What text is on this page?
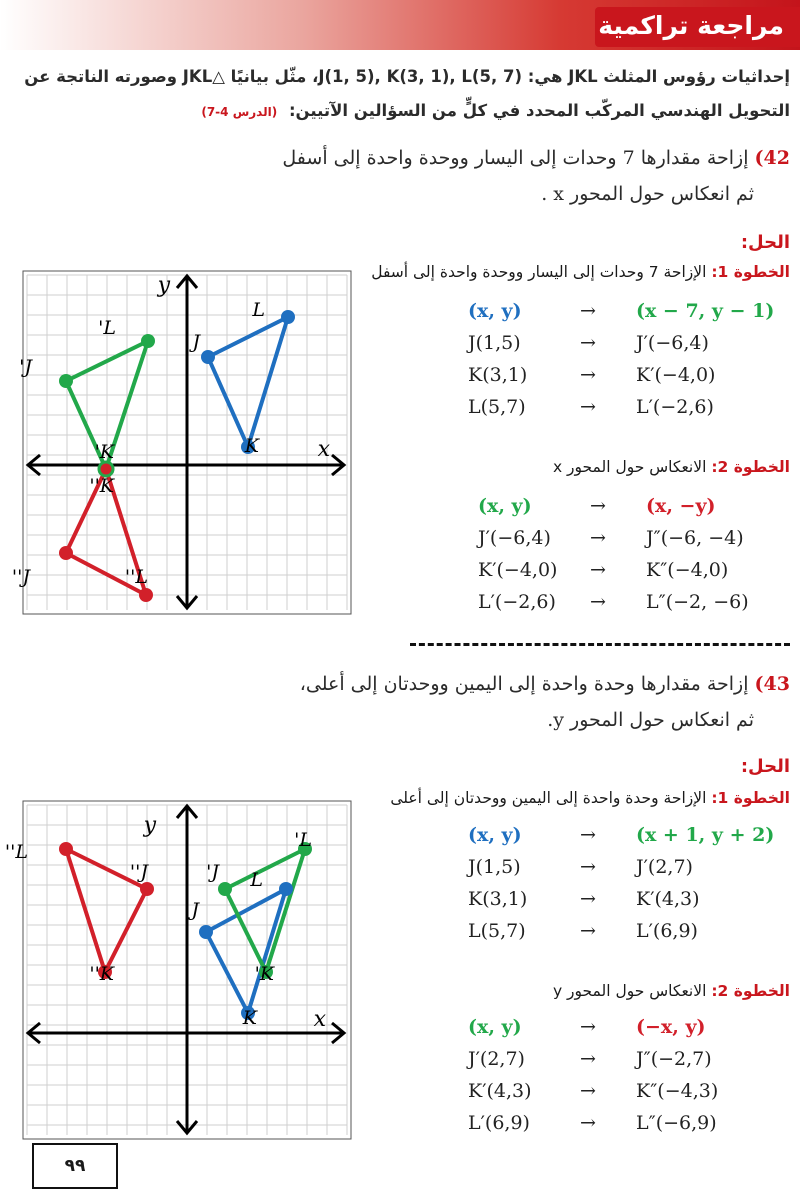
مراجعة تراكمية
إحداثيات رؤوس المثلث JKL هي: J(1, 5), K(3, 1), L(5, 7)، مثّل بيانيًا △JKL وصورته الناتجة عن
التحويل الهندسي المركّب المحدد في كلٍّ من السؤالين الآتيين: (الدرس 4-7)
42) إزاحة مقدارها 7 وحدات إلى اليسار ووحدة واحدة إلى أسفل
ثم انعكاس حول المحور x .
الحل:
الخطوة 1: الإزاحة 7 وحدات إلى اليسار ووحدة واحدة إلى أسفل
(x, y)	→ (x − 7, y − 1)
J(1,5)	→ J′(−6,4)
K(3,1)	→ K′(−4,0)
L(5,7)	→ L′(−2,6)
الخطوة 2: الانعكاس حول المحور x
(x, y)	→ (x, −y)
J′(−6,4) → J″(−6, −4)
K′(−4,0) → K″(−4,0)
L′(−2,6) → L″(−2, −6)
y
x
J
K
L
J'
L'
K'
K''
J''	L''
43) إزاحة مقدارها وحدة واحدة إلى اليمين ووحدتان إلى أعلى،
ثم انعكاس حول المحور y.
الحل:
الخطوة 1: الإزاحة وحدة واحدة إلى اليمين ووحدتان إلى أعلى
(x, y)	→ (x + 1, y + 2)
J(1,5)	→ J′(2,7)
K(3,1)	→ K′(4,3)
L(5,7)	→ L′(6,9)
الخطوة 2: الانعكاس حول المحور y
(x, y)	→ (−x, y)
J′(2,7)	→ J″(−2,7)
K′(4,3)	→ K″(−4,3)
L′(6,9)	→ L″(−6,9)
y
x
J
K
L
J'
K'
L'
J''
K''
L''
٩٩
